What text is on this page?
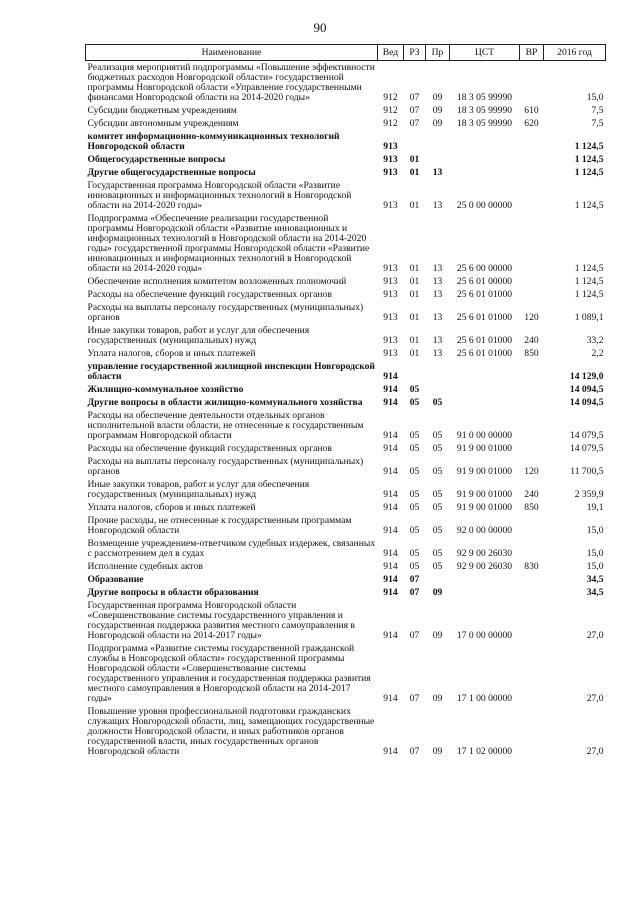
90
Наименование	Вед	РЗ	Пр	ЦСТ	ВР	2016 год
Реализация мероприятий подпрограммы «Повышение эффективности бюджетных расходов Новгородской области» государственной программы Новгородской области «Управление государственными финансами Новгородской области на 2014-2020 годы»	912	07	09	18 3 05 99990		15,0
Субсидии бюджетным учреждениям	912	07	09	18 3 05 99990	610	7,5
Субсидии автономным учреждениям	912	07	09	18 3 05 99990	620	7,5
комитет информационно-коммуникационных технологий Новгородской области	913					1 124,5
Общегосударственные вопросы	913	01				1 124,5
Другие общегосударственные вопросы	913	01	13			1 124,5
Государственная программа Новгородской области «Развитие инновационных и информационных технологий в Новгородской области на 2014-2020 годы»	913	01	13	25 0 00 00000		1 124,5
Подпрограмма «Обеспечение реализации государственной программы Новгородской области «Развитие инновационных и информационных технологий в Новгородской области на 2014-2020 годы» государственной программы Новгородской области «Развитие инновационных и информационных технологий в Новгородской области на 2014-2020 годы»	913	01	13	25 6 00 00000		1 124,5
Обеспечение исполнения комитетом возложенных полномочий	913	01	13	25 6 01 00000		1 124,5
Расходы на обеспечение функций государственных органов	913	01	13	25 6 01 01000		1 124,5
Расходы на выплаты персоналу государственных (муниципальных) органов	913	01	13	25 6 01 01000	120	1 089,1
Иные закупки товаров, работ и услуг для обеспечения государственных (муниципальных) нужд	913	01	13	25 6 01 01000	240	33,2
Уплата налогов, сборов и иных платежей	913	01	13	25 6 01 01000	850	2,2
управление государственной жилищной инспекции Новгородской области	914					14 129,0
Жилищно-коммунальное хозяйство	914	05				14 094,5
Другие вопросы в области жилищно-коммунального хозяйства	914	05	05			14 094,5
Расходы на обеспечение деятельности отдельных органов исполнительной власти области, не отнесенные к государственным программам Новгородской области	914	05	05	91 0 00 00000		14 079,5
Расходы на обеспечение функций государственных органов	914	05	05	91 9 00 01000		14 079,5
Расходы на выплаты персоналу государственных (муниципальных) органов	914	05	05	91 9 00 01000	120	11 700,5
Иные закупки товаров, работ и услуг для обеспечения государственных (муниципальных) нужд	914	05	05	91 9 00 01000	240	2 359,9
Уплата налогов, сборов и иных платежей	914	05	05	91 9 00 01000	850	19,1
Прочие расходы, не отнесенные к государственным программам Новгородской области	914	05	05	92 0 00 00000		15,0
Возмещение учреждением-ответчиком судебных издержек, связанных с рассмотрением дел в судах	914	05	05	92 9 00 26030		15,0
Исполнение судебных актов	914	05	05	92 9 00 26030	830	15,0
Образование	914	07				34,5
Другие вопросы в области образования	914	07	09			34,5
Государственная программа Новгородской области «Совершенствование системы государственного управления и государственная поддержка развития местного самоуправления в Новгородской области на 2014-2017 годы»	914	07	09	17 0 00 00000		27,0
Подпрограмма «Развитие системы государственной гражданской службы в Новгородской области» государственной программы Новгородской области «Совершенствование системы государственного управления и государственная поддержка развития местного самоуправления в Новгородской области на 2014-2017 годы»	914	07	09	17 1 00 00000		27,0
Повышение уровня профессиональной подготовки гражданских служащих Новгородской области, лиц, замещающих государственные должности Новгородской области, и иных работников органов государственной власти, иных государственных органов Новгородской области	914	07	09	17 1 02 00000		27,0
